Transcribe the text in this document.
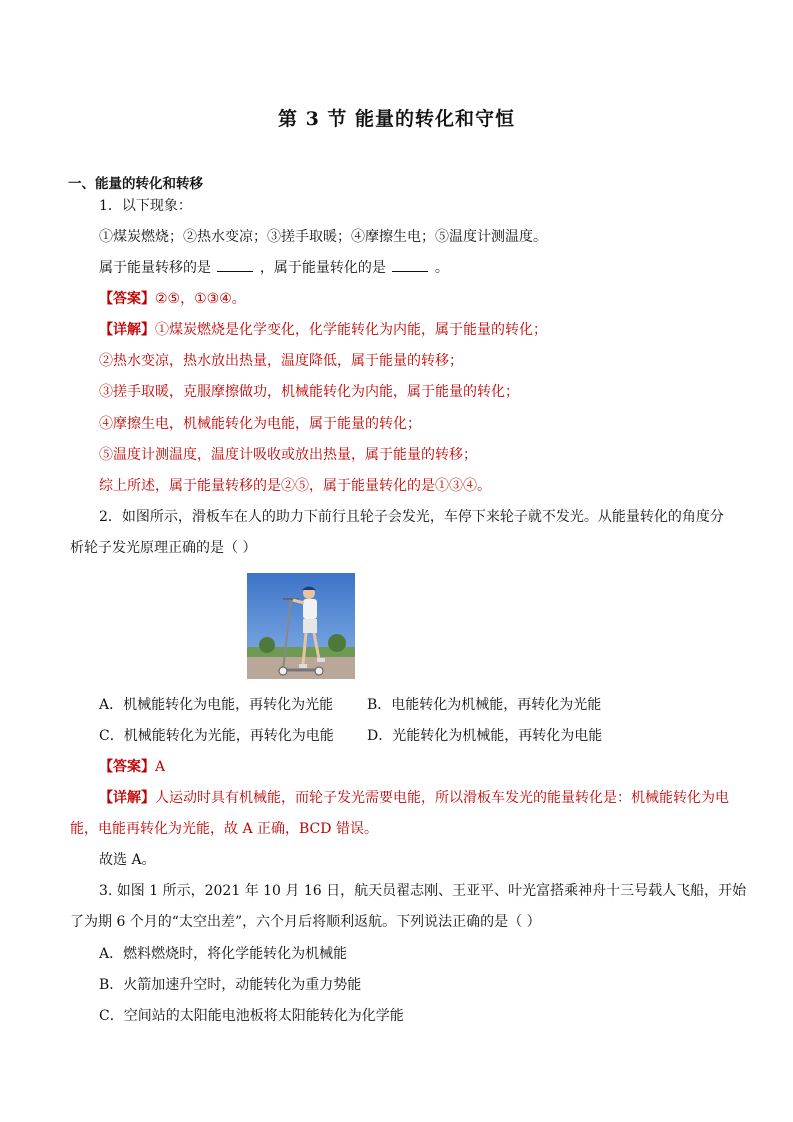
第 3 节 能量的转化和守恒
一、能量的转化和转移
1．以下现象：
①煤炭燃烧；②热水变凉；③搓手取暖；④摩擦生电；⑤温度计测温度。
属于能量转移的是	，属于能量转化的是	。
【答案】②⑤，①③④。
【详解】①煤炭燃烧是化学变化，化学能转化为内能，属于能量的转化；
②热水变凉，热水放出热量，温度降低，属于能量的转移；
③搓手取暖，克服摩擦做功，机械能转化为内能，属于能量的转化；
④摩擦生电，机械能转化为电能，属于能量的转化；
⑤温度计测温度，温度计吸收或放出热量，属于能量的转移；
综上所述，属于能量转移的是②⑤，属于能量转化的是①③④。
2．如图所示，滑板车在人的助力下前行且轮子会发光，车停下来轮子就不发光。从能量转化的角度分
析轮子发光原理正确的是（ ）
A．机械能转化为电能，再转化为光能 B．电能转化为机械能，再转化为光能
C．机械能转化为光能，再转化为电能 D．光能转化为机械能，再转化为电能
【答案】A
【详解】人运动时具有机械能，而轮子发光需要电能，所以滑板车发光的能量转化是：机械能转化为电
能，电能再转化为光能，故 A 正确，BCD 错误。
故选 A。
3. 如图 1 所示，2021 年 10 月 16 日，航天员翟志刚、王亚平、叶光富搭乘神舟十三号载人飞船，开始
了为期 6 个月的“太空出差”，六个月后将顺利返航。下列说法正确的是（ ）
A．燃料燃烧时，将化学能转化为机械能
B．火箭加速升空时，动能转化为重力势能
C．空间站的太阳能电池板将太阳能转化为化学能
